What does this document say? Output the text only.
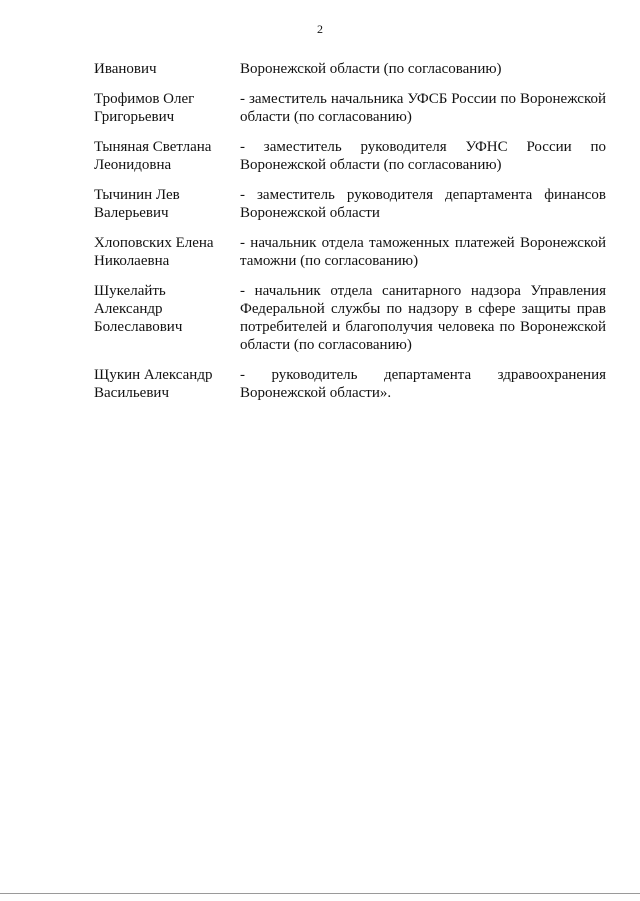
2
Иванович	Воронежской области (по согласованию)
Трофимов Олег
Григорьевич
- заместитель начальника УФСБ России по Воронежской области (по согласованию)
Тыняная Светлана
Леонидовна
- заместитель руководителя УФНС России по Воронежской области (по согласованию)
Тычинин Лев
Валерьевич
- заместитель руководителя департамента финансов Воронежской области
Хлоповских Елена
Николаевна
- начальник отдела таможенных платежей Воронежской таможни (по согласованию)
Шукелайть
Александр
Болеславович
- начальник отдела санитарного надзора Управления Федеральной службы по надзору в сфере защиты прав потребителей и благополучия человека по Воронежской области (по согласованию)
Щукин Александр
Васильевич
- руководитель департамента здравоохранения Воронежской области».
